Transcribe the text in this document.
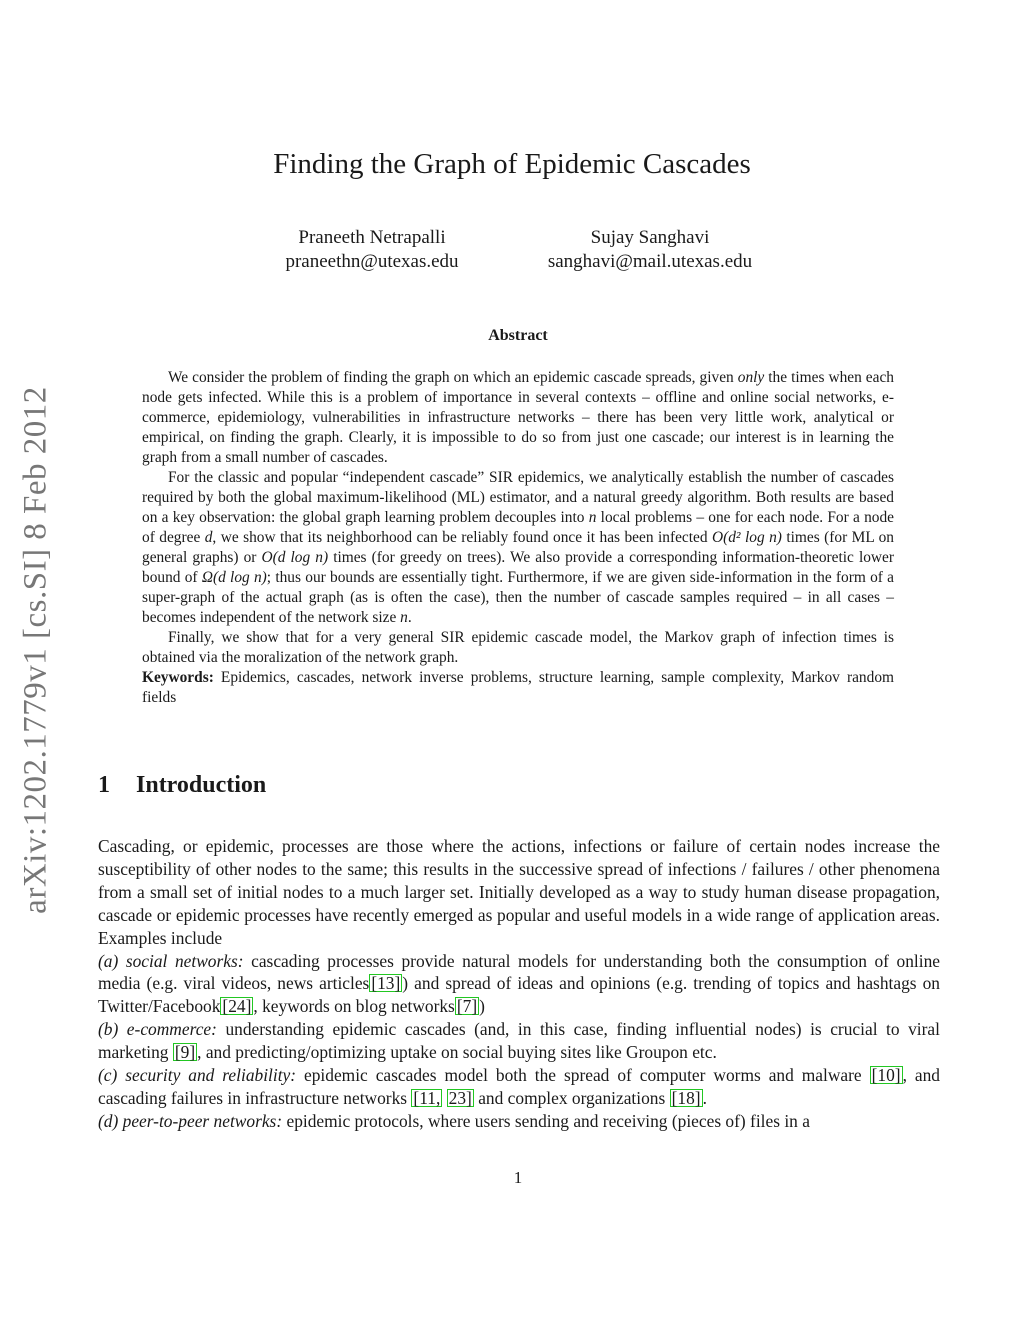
arXiv:1202.1779v1 [cs.SI] 8 Feb 2012
Finding the Graph of Epidemic Cascades
Praneeth Netrapalli
praneethn@utexas.edu
Sujay Sanghavi
sanghavi@mail.utexas.edu
Abstract

We consider the problem of finding the graph on which an epidemic cascade spreads, given only the times when each node gets infected. While this is a problem of importance in several contexts – offline and online social networks, e-commerce, epidemiology, vulnerabilities in infrastructure networks – there has been very little work, analytical or empirical, on finding the graph. Clearly, it is impossible to do so from just one cascade; our interest is in learning the graph from a small number of cascades.

For the classic and popular “independent cascade” SIR epidemics, we analytically establish the number of cascades required by both the global maximum-likelihood (ML) estimator, and a natural greedy algorithm. Both results are based on a key observation: the global graph learning problem decouples into n local problems – one for each node. For a node of degree d, we show that its neighborhood can be reliably found once it has been infected O(d² log n) times (for ML on general graphs) or O(d log n) times (for greedy on trees). We also provide a corresponding information-theoretic lower bound of Ω(d log n); thus our bounds are essentially tight. Furthermore, if we are given side-information in the form of a super-graph of the actual graph (as is often the case), then the number of cascade samples required – in all cases – becomes independent of the network size n.

Finally, we show that for a very general SIR epidemic cascade model, the Markov graph of infection times is obtained via the moralization of the network graph.

Keywords: Epidemics, cascades, network inverse problems, structure learning, sample complexity, Markov random fields

1 Introduction

Cascading, or epidemic, processes are those where the actions, infections or failure of certain nodes increase the susceptibility of other nodes to the same; this results in the successive spread of infections / failures / other phenomena from a small set of initial nodes to a much larger set. Initially developed as a way to study human disease propagation, cascade or epidemic processes have recently emerged as popular and useful models in a wide range of application areas. Examples include

(a) social networks: cascading processes provide natural models for understanding both the consumption of online media (e.g. viral videos, news articles [13] ) and spread of ideas and opinions (e.g. trending of topics and hashtags on Twitter/Facebook [24] , keywords on blog networks [7] )

(b) e-commerce: understanding epidemic cascades (and, in this case, finding influential nodes) is crucial to viral marketing [9] , and predicting/optimizing uptake on social buying sites like Groupon etc.

(c) security and reliability: epidemic cascades model both the spread of computer worms and malware [10] , and cascading failures in infrastructure networks [11, 23] and complex organizations [18] .

(d) peer-to-peer networks: epidemic protocols, where users sending and receiving (pieces of) files in a

1
